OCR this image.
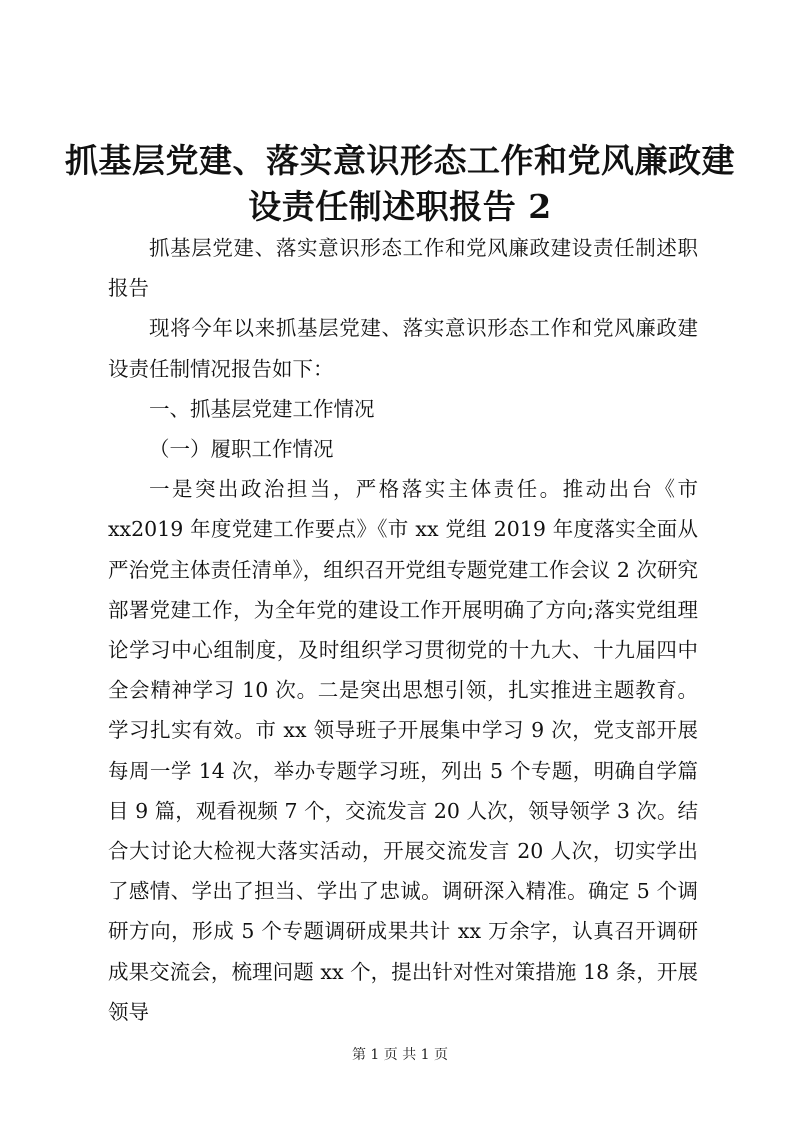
抓基层党建、落实意识形态工作和党风廉政建设责任制述职报告 2

抓基层党建、落实意识形态工作和党风廉政建设责任制述职报告

现将今年以来抓基层党建、落实意识形态工作和党风廉政建设责任制情况报告如下：

一、抓基层党建工作情况

（一）履职工作情况

一是突出政治担当，严格落实主体责任。推动出台《市 xx2019 年度党建工作要点》《市 xx 党组 2019 年度落实全面从严治党主体责任清单》，组织召开党组专题党建工作会议 2 次研究部署党建工作，为全年党的建设工作开展明确了方向;落实党组理论学习中心组制度，及时组织学习贯彻党的十九大、十九届四中全会精神学习 10 次。二是突出思想引领，扎实推进主题教育。学习扎实有效。市 xx 领导班子开展集中学习 9 次，党支部开展每周一学 14 次，举办专题学习班，列出 5 个专题，明确自学篇目 9 篇，观看视频 7 个，交流发言 20 人次，领导领学 3 次。结合大讨论大检视大落实活动，开展交流发言 20 人次，切实学出了感情、学出了担当、学出了忠诚。调研深入精准。确定 5 个调研方向，形成 5 个专题调研成果共计 xx 万余字，认真召开调研成果交流会，梳理问题 xx 个，提出针对性对策措施 18 条，开展领导

第 1 页 共 1 页
